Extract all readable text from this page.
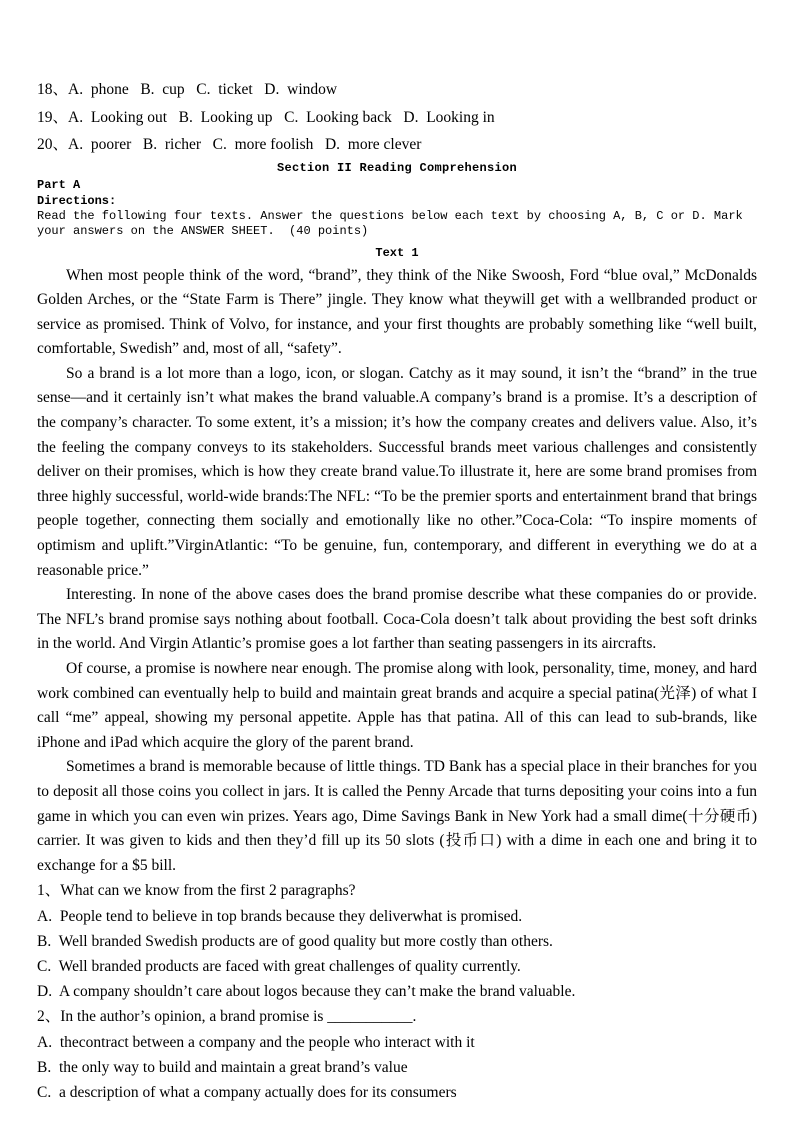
18、A.  phone   B.  cup   C.  ticket   D.  window
19、A.  Looking out   B.  Looking up   C.  Looking back   D.  Looking in
20、A.  poorer   B.  richer   C.  more foolish   D.  more clever
Section II Reading Comprehension
Part A
Directions:
Read the following four texts. Answer the questions below each text by choosing A, B, C or D. Mark
your answers on the ANSWER SHEET.  (40 points)
Text 1

When most people think of the word, “brand”, they think of the Nike Swoosh, Ford “blue oval,” McDonalds Golden Arches, or the “State Farm is There” jingle. They know what theywill get with a wellbranded product or service as promised. Think of Volvo, for instance, and your first thoughts are probably something like “well built, comfortable, Swedish” and, most of all, “safety”.

So a brand is a lot more than a logo, icon, or slogan. Catchy as it may sound, it isn’t the “brand” in the true sense—and it certainly isn’t what makes the brand valuable.A company’s brand is a promise. It’s a description of the company’s character. To some extent, it’s a mission; it’s how the company creates and delivers value. Also, it’s the feeling the company conveys to its stakeholders. Successful brands meet various challenges and consistently deliver on their promises, which is how they create brand value.To illustrate it, here are some brand promises from three highly successful, world-wide brands:The NFL: “To be the premier sports and entertainment brand that brings people together, connecting them socially and emotionally like no other.”Coca-Cola: “To inspire moments of optimism and uplift.”VirginAtlantic: “To be genuine, fun, contemporary, and different in everything we do at a reasonable price.”

Interesting. In none of the above cases does the brand promise describe what these companies do or provide. The NFL’s brand promise says nothing about football. Coca-Cola doesn’t talk about providing the best soft drinks in the world. And Virgin Atlantic’s promise goes a lot farther than seating passengers in its aircrafts.

Of course, a promise is nowhere near enough. The promise along with look, personality, time, money, and hard work combined can eventually help to build and maintain great brands and acquire a special patina(光泽) of what I call “me” appeal, showing my personal appetite. Apple has that patina. All of this can lead to sub-brands, like iPhone and iPad which acquire the glory of the parent brand.

Sometimes a brand is memorable because of little things. TD Bank has a special place in their branches for you to deposit all those coins you collect in jars. It is called the Penny Arcade that turns depositing your coins into a fun game in which you can even win prizes. Years ago, Dime Savings Bank in New York had a small dime(十分硬币) carrier. It was given to kids and then they’d fill up its 50 slots (投币口) with a dime in each one and bring it to exchange for a $5 bill.

1、What can we know from the first 2 paragraphs?

A.  People tend to believe in top brands because they deliverwhat is promised.

B.  Well branded Swedish products are of good quality but more costly than others.

C.  Well branded products are faced with great challenges of quality currently.

D.  A company shouldn’t care about logos because they can’t make the brand valuable.

2、In the author’s opinion, a brand promise is ___________.

A.  thecontract between a company and the people who interact with it

B.  the only way to build and maintain a great brand’s value

C.  a description of what a company actually does for its consumers
